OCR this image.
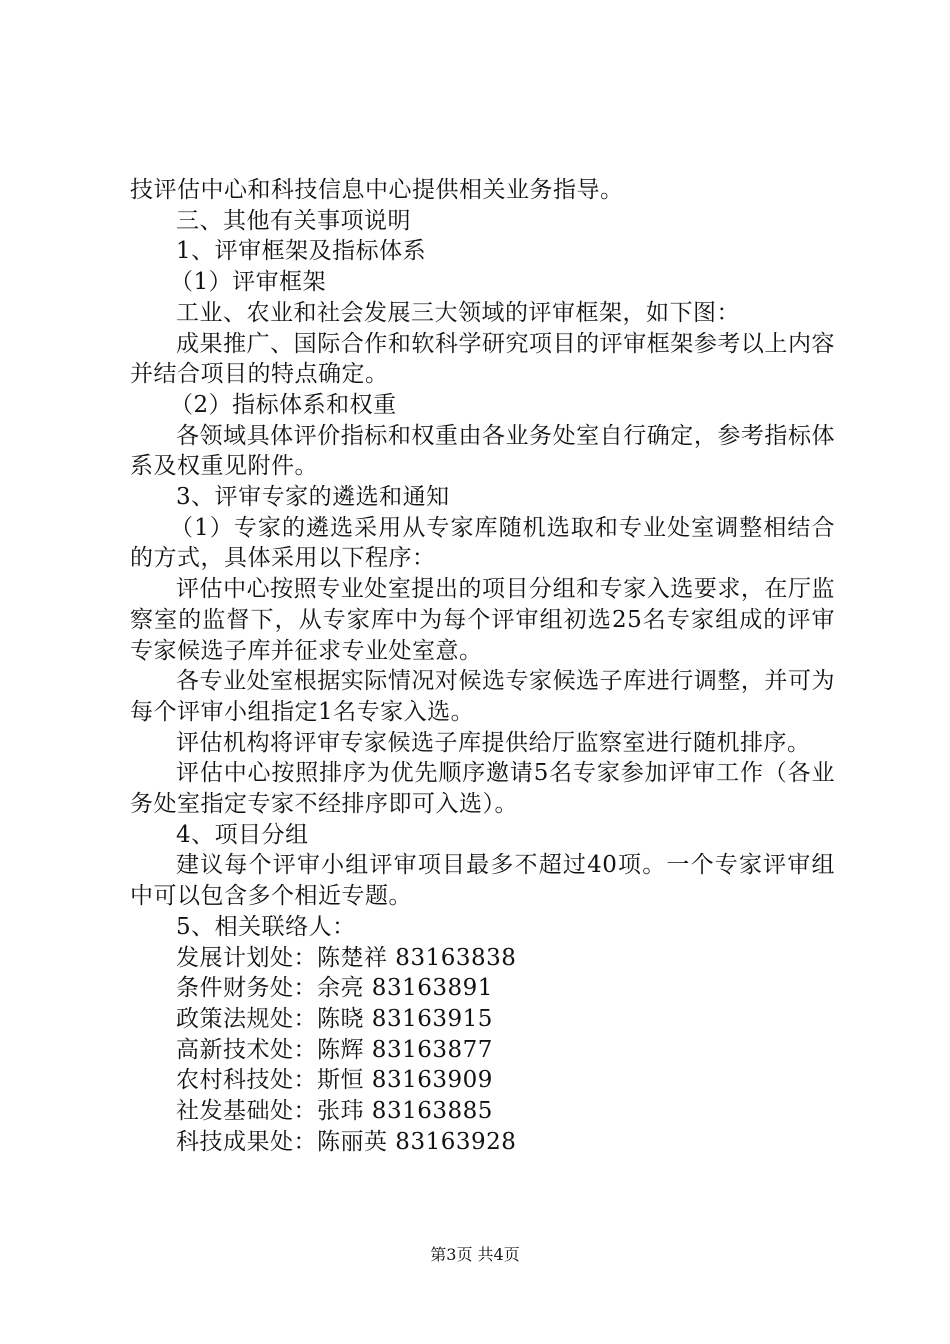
技评估中心和科技信息中心提供相关业务指导。

三、其他有关事项说明

1、评审框架及指标体系

（1）评审框架

工业、农业和社会发展三大领域的评审框架，如下图：

成果推广、国际合作和软科学研究项目的评审框架参考以上内容并结合项目的特点确定。

（2）指标体系和权重

各领域具体评价指标和权重由各业务处室自行确定，参考指标体系及权重见附件。

3、评审专家的遴选和通知

（1）专家的遴选采用从专家库随机选取和专业处室调整相结合的方式，具体采用以下程序：

评估中心按照专业处室提出的项目分组和专家入选要求，在厅监察室的监督下，从专家库中为每个评审组初选25名专家组成的评审专家候选子库并征求专业处室意。

各专业处室根据实际情况对候选专家候选子库进行调整，并可为每个评审小组指定1名专家入选。

评估机构将评审专家候选子库提供给厅监察室进行随机排序。

评估中心按照排序为优先顺序邀请5名专家参加评审工作（各业务处室指定专家不经排序即可入选）。

4、项目分组

建议每个评审小组评审项目最多不超过40项。一个专家评审组中可以包含多个相近专题。

5、相关联络人：

发展计划处：陈楚祥 83163838

条件财务处：余亮 83163891

政策法规处：陈晓 83163915

高新技术处：陈辉 83163877

农村科技处：斯恒 83163909

社发基础处：张玮 83163885

科技成果处：陈丽英 83163928

第3页 共4页
